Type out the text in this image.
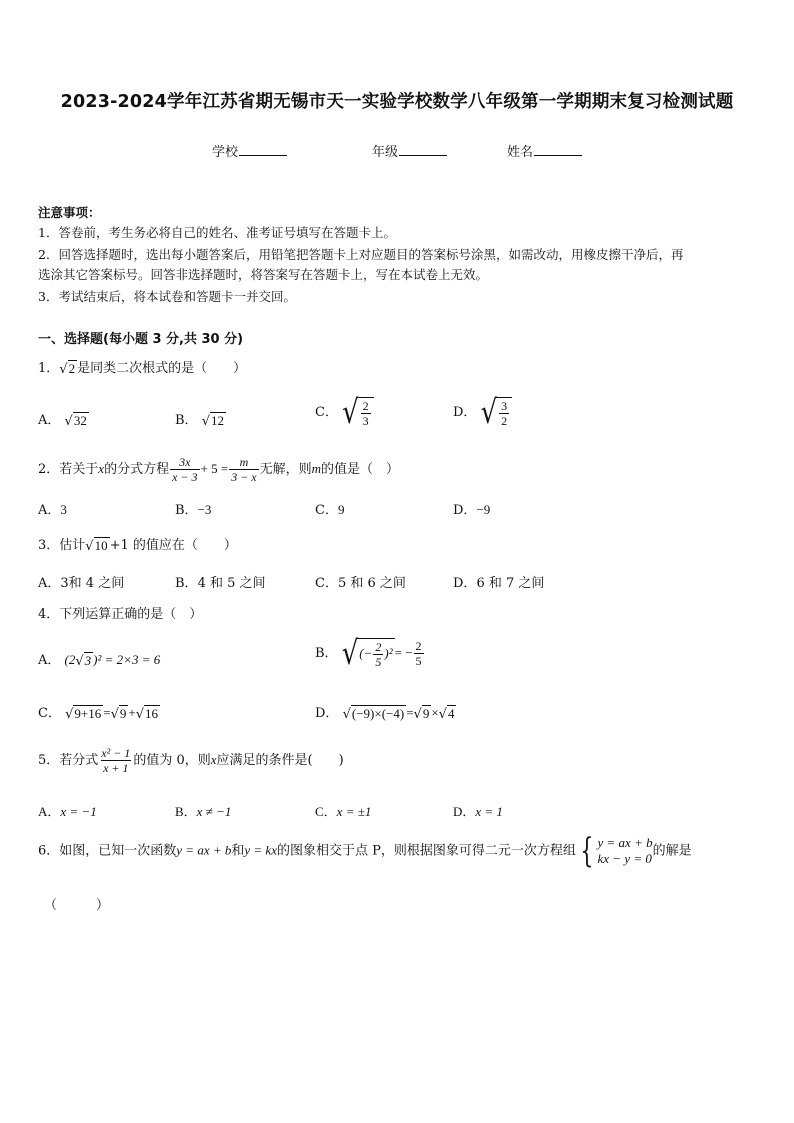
2023-2024学年江苏省期无锡市天一实验学校数学八年级第一学期期末复习检测试题
学校	年级	姓名
注意事项：
1．答卷前，考生务必将自己的姓名、准考证号填写在答题卡上。
2．回答选择题时，选出每小题答案后，用铅笔把答题卡上对应题目的答案标号涂黑，如需改动，用橡皮擦干净后，再
选涂其它答案标号。回答非选择题时，将答案写在答题卡上，写在本试卷上无效。
3．考试结束后，将本试卷和答题卡一并交回。
一、选择题(每小题 3 分,共 30 分)
1．√2 是同类二次根式的是（　　）
A． √32	B． √12	C． √ $\frac{2}{3}$	D． √ $\frac{3}{2}$
2．若关于x的分式方程 $\frac{3x}{x - 3} + 5 = \frac{m}{3 - x}$ 无解，则m的值是（　）
A．3	B．−3	C．9	D．−9
3．估计√10 +1 的值应在（　　）
A．3和 4 之间	B．4 和 5 之间	C．5 和 6 之间	D．6 和 7 之间
4．下列运算正确的是（　）
A． (2√3 )² = 2×3 = 6	B． √ (− $\frac{2}{5} )^2$ = − $\frac{2}{5}$
C． √9+16 =√9 +√16	D． √(−9)×(−4) =√9 ×√4
5．若分式 $\frac{\text{x² − 1}}{x + 1}$ 的值为 0，则x应满足的条件是(　　)
A．x = −1	B．x ≠ −1	C．x = ±1	D．x = 1
6．如图，已知一次函数y = ax + b和y = kx的图象相交于点 P，则根据图象可得二元一次方程组 { y = ax + b
kx − y = 0 的解是
（　　　）
